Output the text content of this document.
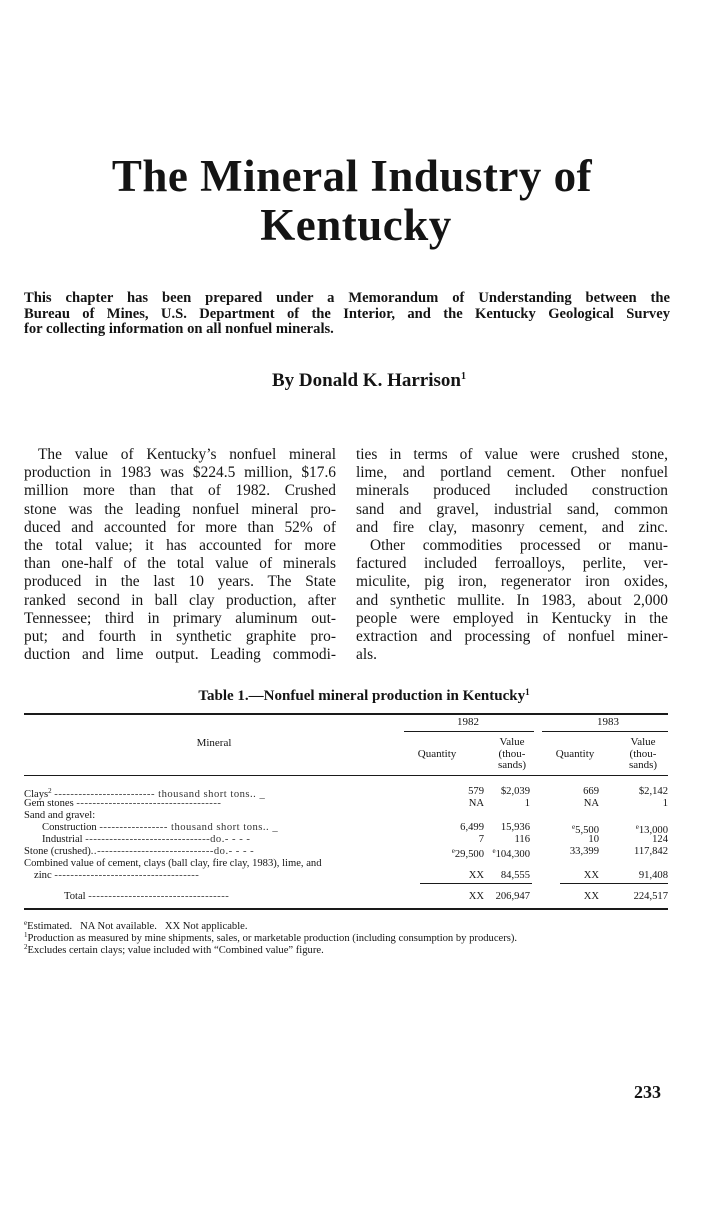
The Mineral Industry of
Kentucky
This chapter has been prepared under a Memorandum of Understanding between the
Bureau of Mines, U.S. Department of the Interior, and the Kentucky Geological Survey
for collecting information on all nonfuel minerals.
By Donald K. Harrison$^1$
The value of Kentucky’s nonfuel mineral
production in 1983 was $224.5 million, $17.6
million more than that of 1982. Crushed
stone was the leading nonfuel mineral pro-
duced and accounted for more than 52% of
the total value; it has accounted for more
than one-half of the total value of minerals
produced in the last 10 years. The State
ranked second in ball clay production, after
Tennessee; third in primary aluminum out-
put; and fourth in synthetic graphite pro-
duction and lime output. Leading commodi-
ties in terms of value were crushed stone,
lime, and portland cement. Other nonfuel
minerals produced included construction
sand and gravel, industrial sand, common
and fire clay, masonry cement, and zinc.
Other commodities processed or manu-
factured included ferroalloys, perlite, ver-
miculite, pig iron, regenerator iron oxides,
and synthetic mullite. In 1983, about 2,000
people were employed in Kentucky in the
extraction and processing of nonfuel miner-
als.
Table 1.—Nonfuel mineral production in Kentucky$^1$
1982	1983
Mineral
Quantity
Value
(thou-
sands)
Quantity
Value
(thou-
sands)
Clays$^2$ ------------------------- thousand short tons.. _	579	$2,039	669	$2,142
Gem stones ------------------------------------	NA	1	NA	1
Sand and gravel:
Construction ----------------- thousand short tons.. _	6,499	15,936	$^e$5,500	$^e$13,000
Industrial -------------------------------do.- - - -	7	116	10	124
Stone (crushed)..-----------------------------do.- - - -	$^e$29,500	$^e$104,300	33,399	117,842
Combined value of cement, clays (ball clay, fire clay, 1983), lime, and
zinc ------------------------------------	XX	84,555	XX	91,408
Total -----------------------------------	XX	206,947	XX	224,517
$^e$Estimated. NA Not available. XX Not applicable.
$^1$Production as measured by mine shipments, sales, or marketable production (including consumption by producers).
$^2$Excludes certain clays; value included with “Combined value” figure.
233
